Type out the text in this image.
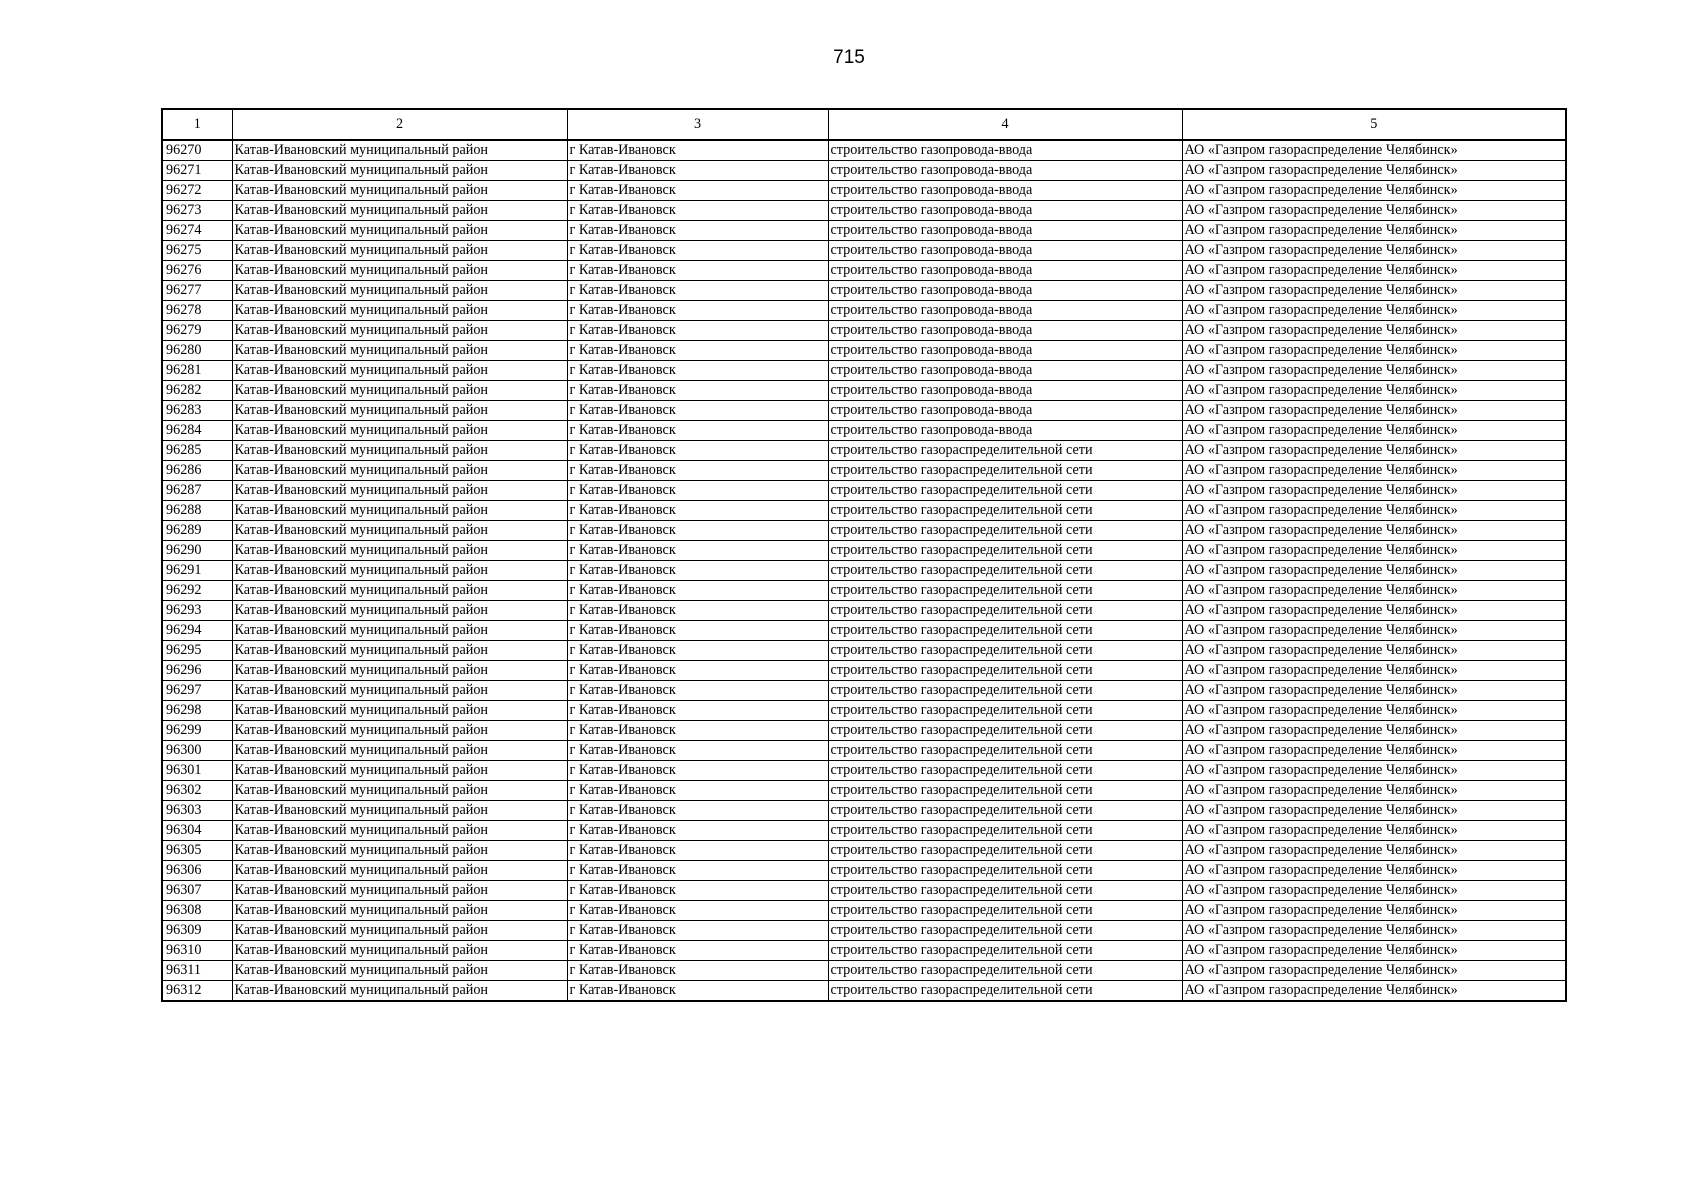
715
1	2	3	4	5
96270	Катав-Ивановский муниципальный район	г Катав-Ивановск	строительство газопровода-ввода	АО «Газпром газораспределение Челябинск»
96271	Катав-Ивановский муниципальный район	г Катав-Ивановск	строительство газопровода-ввода	АО «Газпром газораспределение Челябинск»
96272	Катав-Ивановский муниципальный район	г Катав-Ивановск	строительство газопровода-ввода	АО «Газпром газораспределение Челябинск»
96273	Катав-Ивановский муниципальный район	г Катав-Ивановск	строительство газопровода-ввода	АО «Газпром газораспределение Челябинск»
96274	Катав-Ивановский муниципальный район	г Катав-Ивановск	строительство газопровода-ввода	АО «Газпром газораспределение Челябинск»
96275	Катав-Ивановский муниципальный район	г Катав-Ивановск	строительство газопровода-ввода	АО «Газпром газораспределение Челябинск»
96276	Катав-Ивановский муниципальный район	г Катав-Ивановск	строительство газопровода-ввода	АО «Газпром газораспределение Челябинск»
96277	Катав-Ивановский муниципальный район	г Катав-Ивановск	строительство газопровода-ввода	АО «Газпром газораспределение Челябинск»
96278	Катав-Ивановский муниципальный район	г Катав-Ивановск	строительство газопровода-ввода	АО «Газпром газораспределение Челябинск»
96279	Катав-Ивановский муниципальный район	г Катав-Ивановск	строительство газопровода-ввода	АО «Газпром газораспределение Челябинск»
96280	Катав-Ивановский муниципальный район	г Катав-Ивановск	строительство газопровода-ввода	АО «Газпром газораспределение Челябинск»
96281	Катав-Ивановский муниципальный район	г Катав-Ивановск	строительство газопровода-ввода	АО «Газпром газораспределение Челябинск»
96282	Катав-Ивановский муниципальный район	г Катав-Ивановск	строительство газопровода-ввода	АО «Газпром газораспределение Челябинск»
96283	Катав-Ивановский муниципальный район	г Катав-Ивановск	строительство газопровода-ввода	АО «Газпром газораспределение Челябинск»
96284	Катав-Ивановский муниципальный район	г Катав-Ивановск	строительство газопровода-ввода	АО «Газпром газораспределение Челябинск»
96285	Катав-Ивановский муниципальный район	г Катав-Ивановск	строительство газораспределительной сети	АО «Газпром газораспределение Челябинск»
96286	Катав-Ивановский муниципальный район	г Катав-Ивановск	строительство газораспределительной сети	АО «Газпром газораспределение Челябинск»
96287	Катав-Ивановский муниципальный район	г Катав-Ивановск	строительство газораспределительной сети	АО «Газпром газораспределение Челябинск»
96288	Катав-Ивановский муниципальный район	г Катав-Ивановск	строительство газораспределительной сети	АО «Газпром газораспределение Челябинск»
96289	Катав-Ивановский муниципальный район	г Катав-Ивановск	строительство газораспределительной сети	АО «Газпром газораспределение Челябинск»
96290	Катав-Ивановский муниципальный район	г Катав-Ивановск	строительство газораспределительной сети	АО «Газпром газораспределение Челябинск»
96291	Катав-Ивановский муниципальный район	г Катав-Ивановск	строительство газораспределительной сети	АО «Газпром газораспределение Челябинск»
96292	Катав-Ивановский муниципальный район	г Катав-Ивановск	строительство газораспределительной сети	АО «Газпром газораспределение Челябинск»
96293	Катав-Ивановский муниципальный район	г Катав-Ивановск	строительство газораспределительной сети	АО «Газпром газораспределение Челябинск»
96294	Катав-Ивановский муниципальный район	г Катав-Ивановск	строительство газораспределительной сети	АО «Газпром газораспределение Челябинск»
96295	Катав-Ивановский муниципальный район	г Катав-Ивановск	строительство газораспределительной сети	АО «Газпром газораспределение Челябинск»
96296	Катав-Ивановский муниципальный район	г Катав-Ивановск	строительство газораспределительной сети	АО «Газпром газораспределение Челябинск»
96297	Катав-Ивановский муниципальный район	г Катав-Ивановск	строительство газораспределительной сети	АО «Газпром газораспределение Челябинск»
96298	Катав-Ивановский муниципальный район	г Катав-Ивановск	строительство газораспределительной сети	АО «Газпром газораспределение Челябинск»
96299	Катав-Ивановский муниципальный район	г Катав-Ивановск	строительство газораспределительной сети	АО «Газпром газораспределение Челябинск»
96300	Катав-Ивановский муниципальный район	г Катав-Ивановск	строительство газораспределительной сети	АО «Газпром газораспределение Челябинск»
96301	Катав-Ивановский муниципальный район	г Катав-Ивановск	строительство газораспределительной сети	АО «Газпром газораспределение Челябинск»
96302	Катав-Ивановский муниципальный район	г Катав-Ивановск	строительство газораспределительной сети	АО «Газпром газораспределение Челябинск»
96303	Катав-Ивановский муниципальный район	г Катав-Ивановск	строительство газораспределительной сети	АО «Газпром газораспределение Челябинск»
96304	Катав-Ивановский муниципальный район	г Катав-Ивановск	строительство газораспределительной сети	АО «Газпром газораспределение Челябинск»
96305	Катав-Ивановский муниципальный район	г Катав-Ивановск	строительство газораспределительной сети	АО «Газпром газораспределение Челябинск»
96306	Катав-Ивановский муниципальный район	г Катав-Ивановск	строительство газораспределительной сети	АО «Газпром газораспределение Челябинск»
96307	Катав-Ивановский муниципальный район	г Катав-Ивановск	строительство газораспределительной сети	АО «Газпром газораспределение Челябинск»
96308	Катав-Ивановский муниципальный район	г Катав-Ивановск	строительство газораспределительной сети	АО «Газпром газораспределение Челябинск»
96309	Катав-Ивановский муниципальный район	г Катав-Ивановск	строительство газораспределительной сети	АО «Газпром газораспределение Челябинск»
96310	Катав-Ивановский муниципальный район	г Катав-Ивановск	строительство газораспределительной сети	АО «Газпром газораспределение Челябинск»
96311	Катав-Ивановский муниципальный район	г Катав-Ивановск	строительство газораспределительной сети	АО «Газпром газораспределение Челябинск»
96312	Катав-Ивановский муниципальный район	г Катав-Ивановск	строительство газораспределительной сети	АО «Газпром газораспределение Челябинск»
